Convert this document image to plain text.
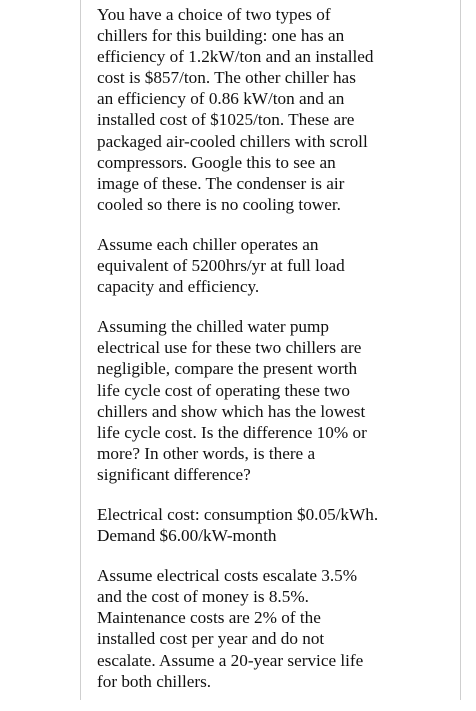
You have a choice of two types of
chillers for this building: one has an
efficiency of 1.2kW/ton and an installed
cost is $857/ton. The other chiller has
an efficiency of 0.86 kW/ton and an
installed cost of $1025/ton. These are
packaged air-cooled chillers with scroll
compressors. Google this to see an
image of these. The condenser is air
cooled so there is no cooling tower.

Assume each chiller operates an
equivalent of 5200hrs/yr at full load
capacity and efficiency.

Assuming the chilled water pump
electrical use for these two chillers are
negligible, compare the present worth
life cycle cost of operating these two
chillers and show which has the lowest
life cycle cost. Is the difference 10% or
more? In other words, is there a
significant difference?

Electrical cost: consumption $0.05/kWh.
Demand $6.00/kW-month

Assume electrical costs escalate 3.5%
and the cost of money is 8.5%.
Maintenance costs are 2% of the
installed cost per year and do not
escalate. Assume a 20-year service life
for both chillers.
